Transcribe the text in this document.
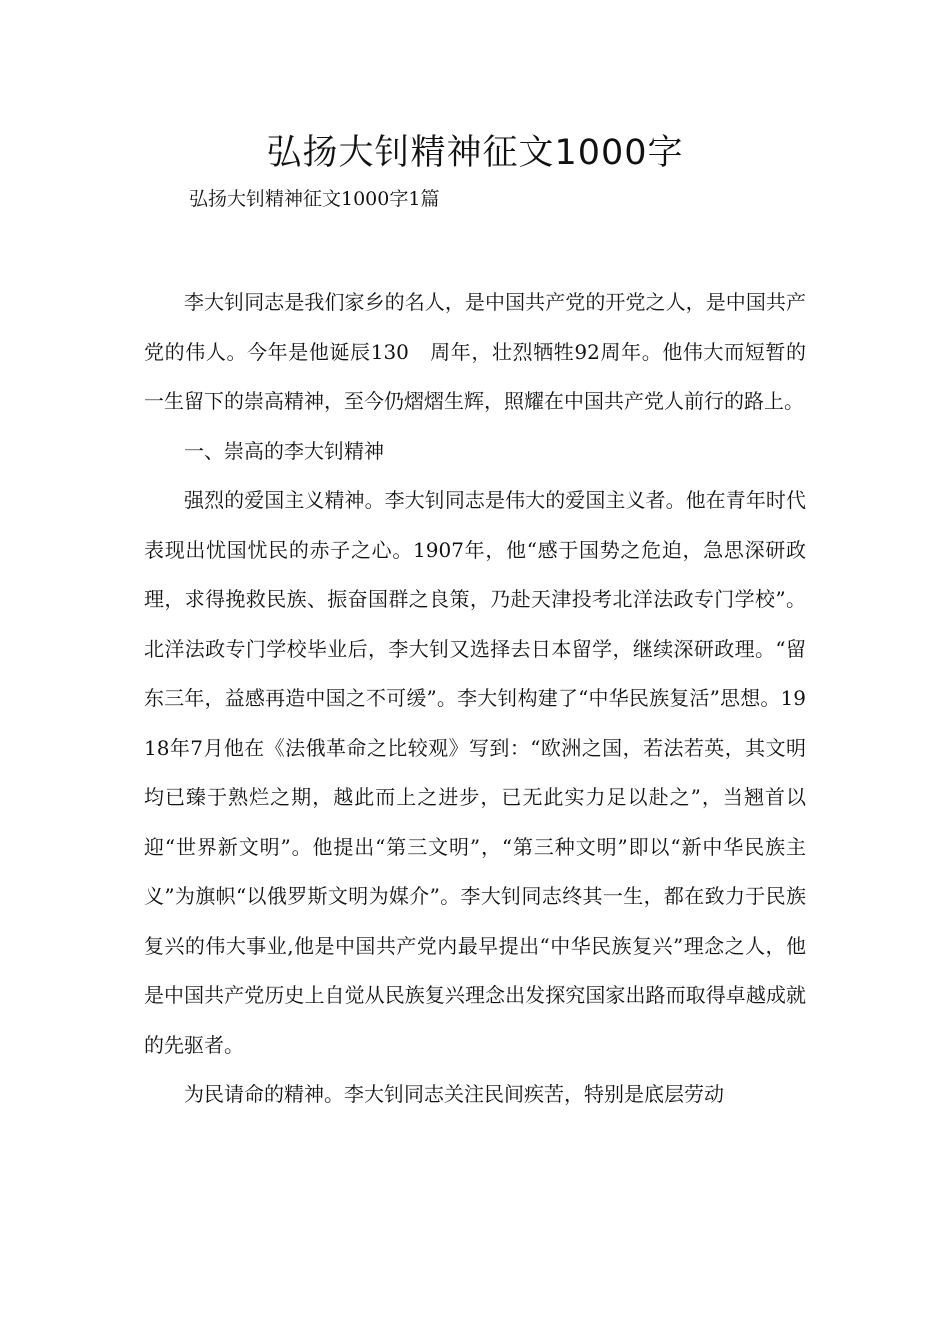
弘扬大钊精神征文1000字

弘扬大钊精神征文1000字1篇

李大钊同志是我们家乡的名人，是中国共产党的开党之人，是中国共产党的伟人。今年是他诞辰130　周年，壮烈牺牲92周年。他伟大而短暂的一生留下的崇高精神，至今仍熠熠生辉，照耀在中国共产党人前行的路上。

一、崇高的李大钊精神

强烈的爱国主义精神。李大钊同志是伟大的爱国主义者。他在青年时代表现出忧国忧民的赤子之心。1907年，他“感于国势之危迫，急思深研政理，求得挽救民族、振奋国群之良策，乃赴天津投考北洋法政专门学校”。北洋法政专门学校毕业后，李大钊又选择去日本留学，继续深研政理。“留东三年，益感再造中国之不可缓”。李大钊构建了“中华民族复活”思想。1918年7月他在《法俄革命之比较观》写到：“欧洲之国，若法若英，其文明均已臻于熟烂之期，越此而上之进步，已无此实力足以赴之”，当翘首以迎“世界新文明”。他提出“第三文明”，“第三种文明”即以“新中华民族主义”为旗帜“以俄罗斯文明为媒介”。李大钊同志终其一生，都在致力于民族复兴的伟大事业,他是中国共产党内最早提出“中华民族复兴”理念之人，他是中国共产党历史上自觉从民族复兴理念出发探究国家出路而取得卓越成就的先驱者。

为民请命的精神。李大钊同志关注民间疾苦，特别是底层劳动
